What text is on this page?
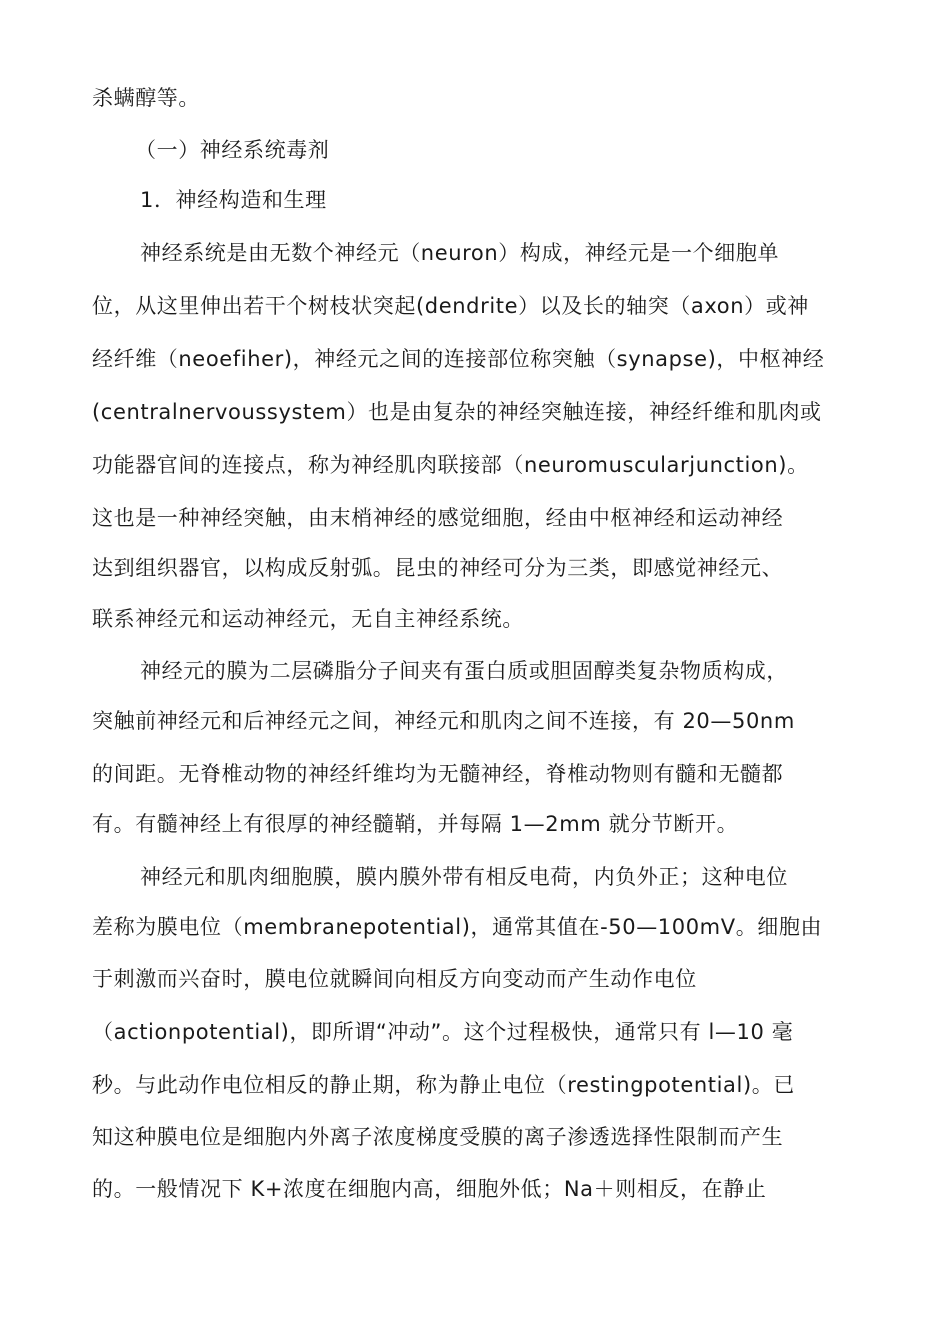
杀螨醇等。
（一）神经系统毒剂
1．神经构造和生理
神经系统是由无数个神经元（neuron）构成，神经元是一个细胞单
位，从这里伸出若干个树枝状突起(dendrite）以及长的轴突（axon）或神
经纤维（neoefiher)，神经元之间的连接部位称突触（synapse)，中枢神经
(centralnervoussystem）也是由复杂的神经突触连接，神经纤维和肌肉或
功能器官间的连接点，称为神经肌肉联接部（neuromuscularjunction)。
这也是一种神经突触，由末梢神经的感觉细胞，经由中枢神经和运动神经
达到组织器官，以构成反射弧。昆虫的神经可分为三类，即感觉神经元、
联系神经元和运动神经元，无自主神经系统。
神经元的膜为二层磷脂分子间夹有蛋白质或胆固醇类复杂物质构成，
突触前神经元和后神经元之间，神经元和肌肉之间不连接，有 20—50nm
的间距。无脊椎动物的神经纤维均为无髓神经，脊椎动物则有髓和无髓都
有。有髓神经上有很厚的神经髓鞘，并每隔 1—2mm 就分节断开。
神经元和肌肉细胞膜，膜内膜外带有相反电荷，内负外正；这种电位
差称为膜电位（membranepotential)，通常其值在-50—100mV。细胞由
于刺激而兴奋时，膜电位就瞬间向相反方向变动而产生动作电位
（actionpotential)，即所谓“冲动”。这个过程极快，通常只有 l—10 毫
秒。与此动作电位相反的静止期，称为静止电位（restingpotential)。已
知这种膜电位是细胞内外离子浓度梯度受膜的离子渗透选择性限制而产生
的。一般情况下 K+浓度在细胞内高，细胞外低；Na＋则相反，在静止
